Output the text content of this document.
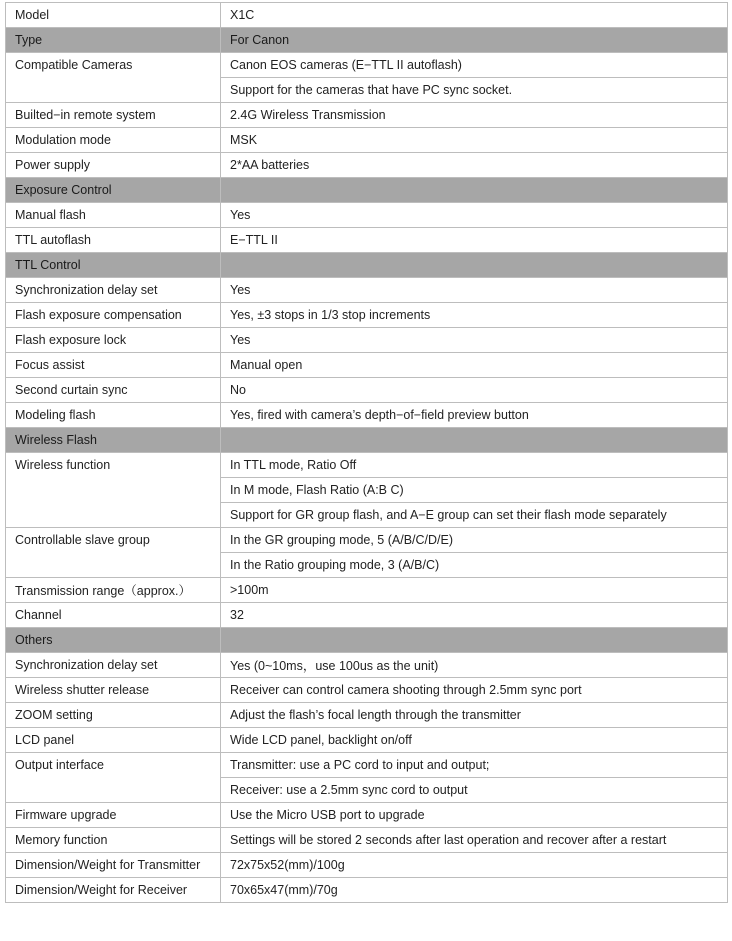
Model	X1C
Type	For Canon
Compatible Cameras	Canon EOS cameras (E−TTL II autoflash)
	Support for the cameras that have PC sync socket.
Builted−in remote system	2.4G Wireless Transmission
Modulation mode	MSK
Power supply	2*AA batteries
Exposure Control	
Manual flash	Yes
TTL autoflash	E−TTL II
TTL Control	
Synchronization delay set	Yes
Flash exposure compensation	Yes, ±3 stops in 1/3 stop increments
Flash exposure lock	Yes
Focus assist	Manual open
Second curtain sync	No
Modeling flash	Yes, fired with camera’s depth−of−field preview button
Wireless Flash	
Wireless function	In TTL mode, Ratio Off
	In M mode, Flash Ratio (A:B C)
	Support for GR group flash, and A−E group can set their flash mode separately
Controllable slave group	In the GR grouping mode, 5 (A/B/C/D/E)
	In the Ratio grouping mode, 3 (A/B/C)
Transmission range（approx.）	>100m
Channel	32
Others	
Synchronization delay set	Yes (0~10ms，use 100us as the unit)
Wireless shutter release	Receiver can control camera shooting through 2.5mm sync port
ZOOM setting	Adjust the flash’s focal length through the transmitter
LCD panel	Wide LCD panel, backlight on/off
Output interface	Transmitter: use a PC cord to input and output;
	Receiver: use a 2.5mm sync cord to output
Firmware upgrade	Use the Micro USB port to upgrade
Memory function	Settings will be stored 2 seconds after last operation and recover after a restart
Dimension/Weight for Transmitter	72x75x52(mm)/100g
Dimension/Weight for Receiver	70x65x47(mm)/70g
